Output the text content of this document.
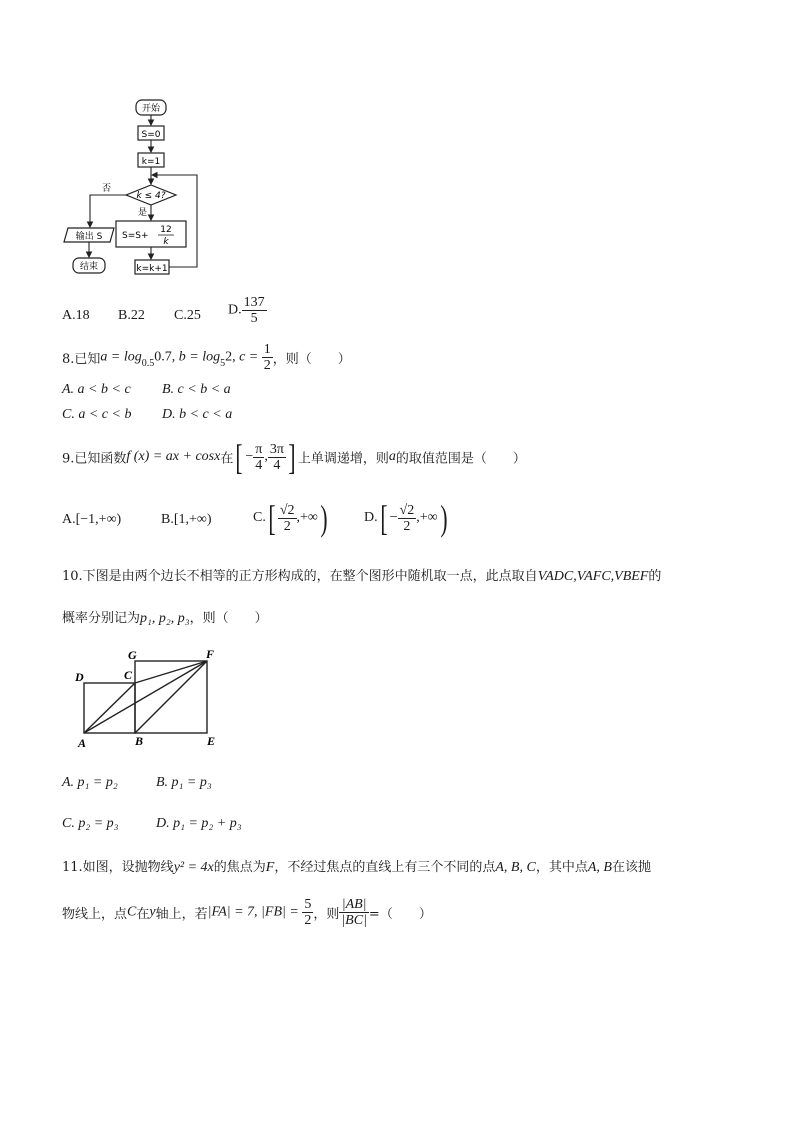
开始
S=0
k=1
k ≤ 4?
否
是
S=S+
12
k
k=k+1
输出 S
结束
A.18 B.22 C.25 D. $\frac{137}{5}$
8.已知$a = \log_{0.5}0.7$, $b = \log_52$, $c = \frac{1}{2}$ ，则（　　）
A. a < b < c B. c < b < a
C. a < c < b D. b < c < a
9.已知函数f (x) = ax + cosx在[ − $\frac{\pi}{4}$ , $\frac{3\pi}{4}$ ] 上单调递增，则a的取值范围是（　　）
A.[−1,+∞)	B.[1,+∞)	$C.[ \frac{√2}{2}$ ,+∞)	$D.[ - \frac{√2}{2}$ ,+∞)
10.下图是由两个边长不相等的正方形构成的，在整个图形中随机取一点，此点取自VADC,VAFC,VBEF的
概率分别记为p₁, p₂, p₃，则（　　）
D
G
C
F
A	B	E
A. p₁ = p₂	B. p₁ = p₃
C. p₂ = p₃	D. p₁ = p₂ + p₃
11.如图，设抛物线y² = 4x的焦点为F，不经过焦点的直线上有三个不同的点A, B, C，其中点A, B在该抛
物线上，点C在y轴上，若|FA| = 7, $|FB| = \frac{5}{2}$ ，则 $\frac{|AB|}{|BC|}$ =（　　）
